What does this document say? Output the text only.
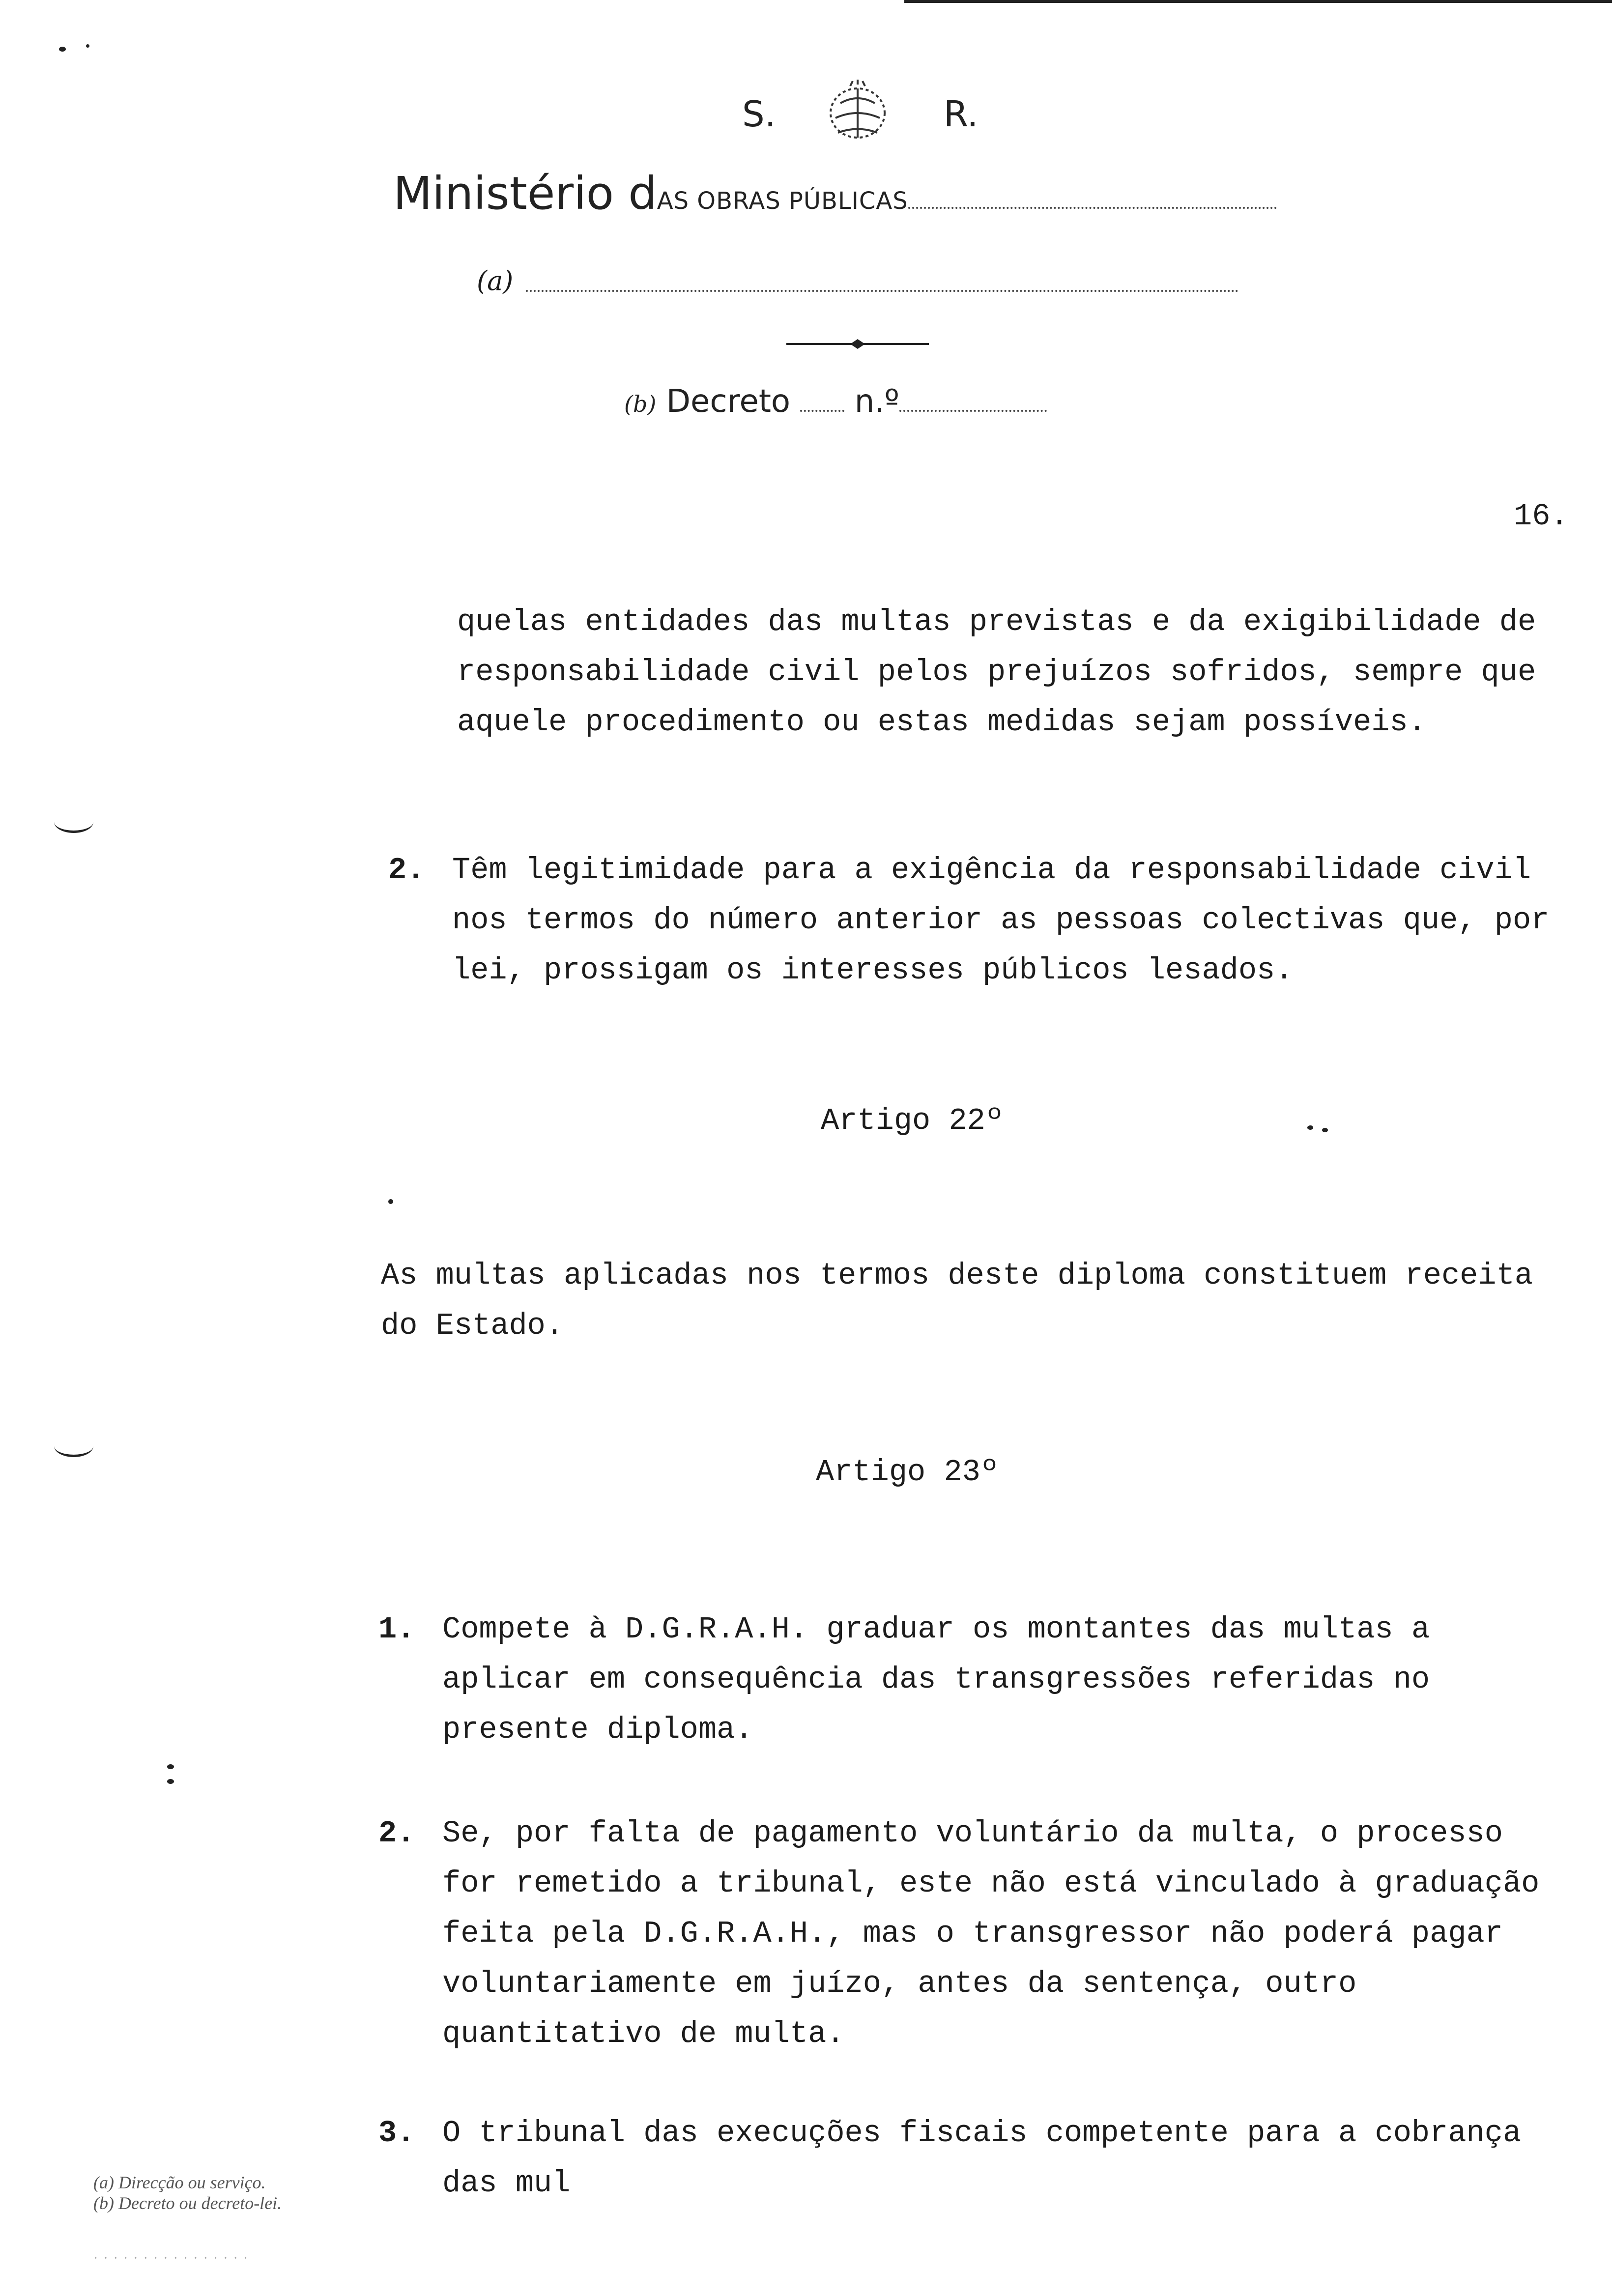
S.	R.
Ministério dAS OBRAS PÚBLICAS
(a)
(b) Decreto n.º
16.
quelas entidades das multas previstas e da exigibilidade de responsabilidade civil pelos prejuízos sofridos, sempre que aquele procedimento ou estas medidas sejam possíveis.
2. Têm legitimidade para a exigência da responsabilidade civil nos termos do número anterior as pessoas colectivas que, por lei, prossigam os interesses públicos lesados.
Artigo 22º
As multas aplicadas nos termos deste diploma constituem receita do Estado.
Artigo 23º
1. Compete à D.G.R.A.H. graduar os montantes das multas a aplicar em consequência das transgressões referidas no presente diploma.
2. Se, por falta de pagamento voluntário da multa, o processo for remetido a tribunal, este não está vinculado à graduação feita pela D.G.R.A.H., mas o transgressor não poderá pagar voluntariamente em juízo, antes da sentença, outro quantitativo de multa.
3. O tribunal das execuções fiscais competente para a cobrança das mul
(a) Direcção ou serviço.
(b) Decreto ou decreto-lei.
· · · · · · · · · · · · · · · ·
